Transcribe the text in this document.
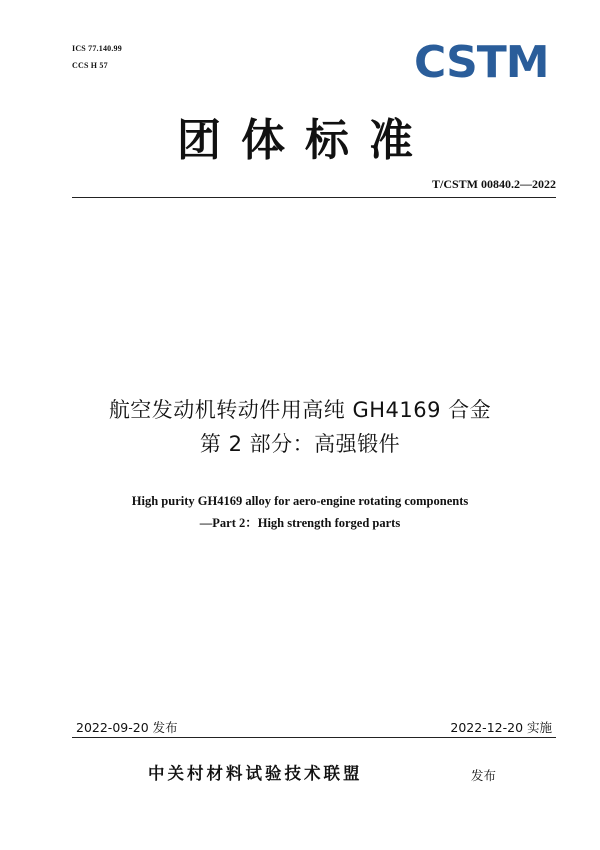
ICS 77.140.99
CCS H 57	CSTM
团体标准
T/CSTM 00840.2—2022
航空发动机转动件用高纯 GH4169 合金
第 2 部分：高强锻件
High purity GH4169 alloy for aero-engine rotating components
—Part 2：High strength forged parts
2022-09-20 发布	2022-12-20 实施
中关村材料试验技术联盟	发布
